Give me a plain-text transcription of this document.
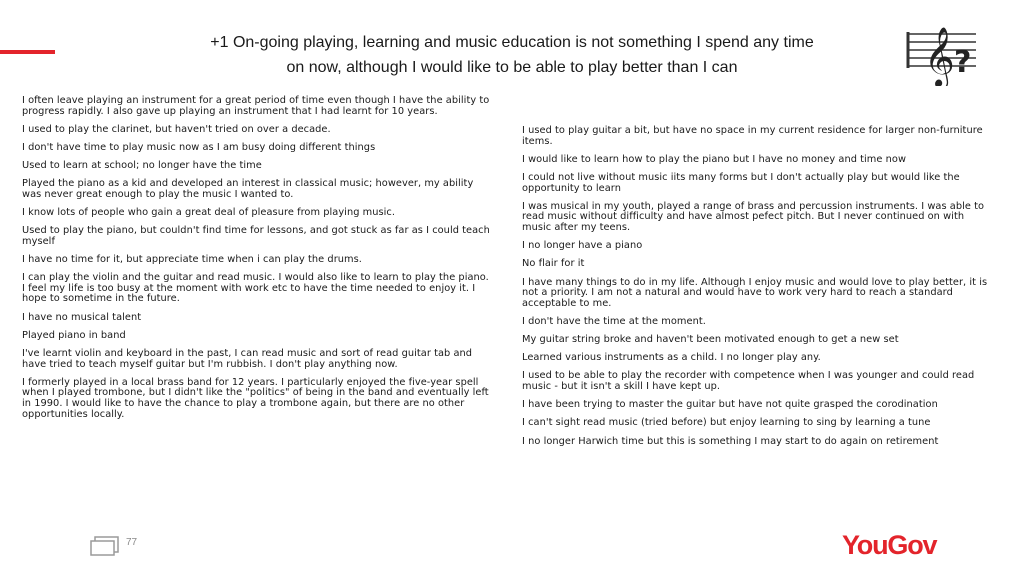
+1 On-going playing, learning and music education is not something I spend any time
on now, although I would like to be able to play better than I can	𝄞 ?

I often leave playing an instrument for a great period of time even though I have the ability to progress rapidly. I also gave up playing an instrument that I had learnt for 10 years.

I used to play the clarinet, but haven't tried on over a decade.

I don't have time to play music now as I am busy doing different things

Used to learn at school; no longer have the time

Played the piano as a kid and developed an interest in classical music; however, my ability was never great enough to play the music I wanted to.

I know lots of people who gain a great deal of pleasure from playing music.

Used to play the piano, but couldn't find time for lessons, and got stuck as far as I could teach myself

I have no time for it, but appreciate time when i can play the drums.

I can play the violin and the guitar and read music. I would also like to learn to play the piano. I feel my life is too busy at the moment with work etc to have the time needed to enjoy it. I hope to sometime in the future.

I have no musical talent

Played piano in band

I've learnt violin and keyboard in the past, I can read music and sort of read guitar tab and have tried to teach myself guitar but I'm rubbish. I don't play anything now.

I formerly played in a local brass band for 12 years. I particularly enjoyed the five-year spell when I played trombone, but I didn't like the "politics" of being in the band and eventually left in 1990. I would like to have the chance to play a trombone again, but there are no other opportunities locally.

I used to play guitar a bit, but have no space in my current residence for larger non-furniture items.

I would like to learn how to play the piano but I have no money and time now

I could not live without music iits many forms but I don't actually play but would like the opportunity to learn

I was musical in my youth, played a range of brass and percussion instruments. I was able to read music without difficulty and have almost pefect pitch. But I never continued on with music after my teens.

I no longer have a piano

No flair for it

I have many things to do in my life. Although I enjoy music and would love to play better, it is not a priority. I am not a natural and would have to work very hard to reach a standard acceptable to me.

I don't have the time at the moment.

My guitar string broke and haven't been motivated enough to get a new set

Learned various instruments as a child. I no longer play any.

I used to be able to play the recorder with competence when I was younger and could read music - but it isn't a skill I have kept up.

I have been trying to master the guitar but have not quite grasped the corodination

I can't sight read music (tried before) but enjoy learning to sing by learning a tune

I no longer Harwich time but this is something I may start to do again on retirement

77	YouGov
